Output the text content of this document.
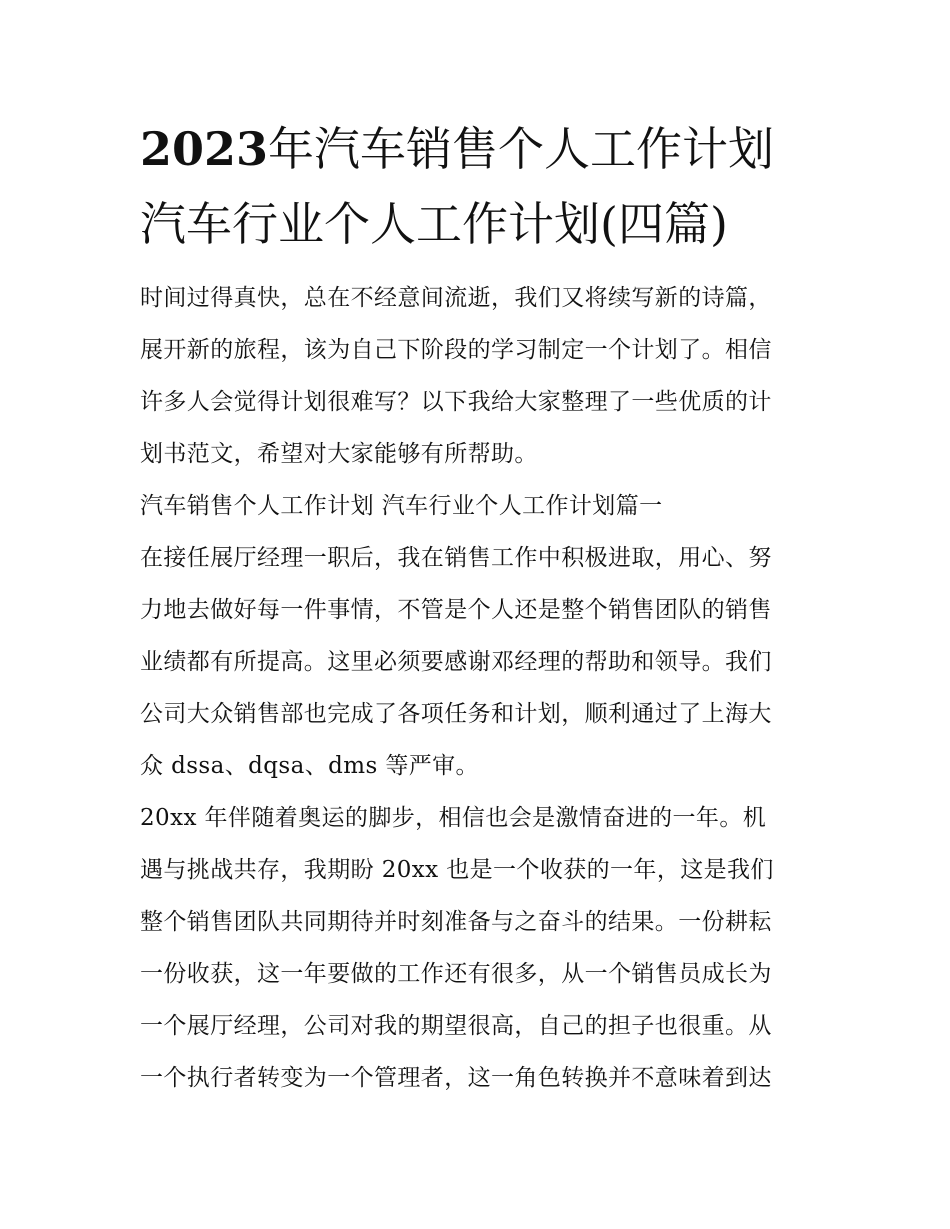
2023年汽车销售个人工作计划
汽车行业个人工作计划(四篇)
时间过得真快，总在不经意间流逝，我们又将续写新的诗篇，
展开新的旅程，该为自己下阶段的学习制定一个计划了。相信
许多人会觉得计划很难写？以下我给大家整理了一些优质的计
划书范文，希望对大家能够有所帮助。
汽车销售个人工作计划 汽车行业个人工作计划篇一
在接任展厅经理一职后，我在销售工作中积极进取，用心、努
力地去做好每一件事情，不管是个人还是整个销售团队的销售
业绩都有所提高。这里必须要感谢邓经理的帮助和领导。我们
公司大众销售部也完成了各项任务和计划，顺利通过了上海大
众 dssa、dqsa、dms 等严审。
20xx 年伴随着奥运的脚步，相信也会是激情奋进的一年。机
遇与挑战共存，我期盼 20xx 也是一个收获的一年，这是我们
整个销售团队共同期待并时刻准备与之奋斗的结果。一份耕耘
一份收获，这一年要做的工作还有很多，从一个销售员成长为
一个展厅经理，公司对我的期望很高，自己的担子也很重。从
一个执行者转变为一个管理者，这一角色转换并不意味着到达
